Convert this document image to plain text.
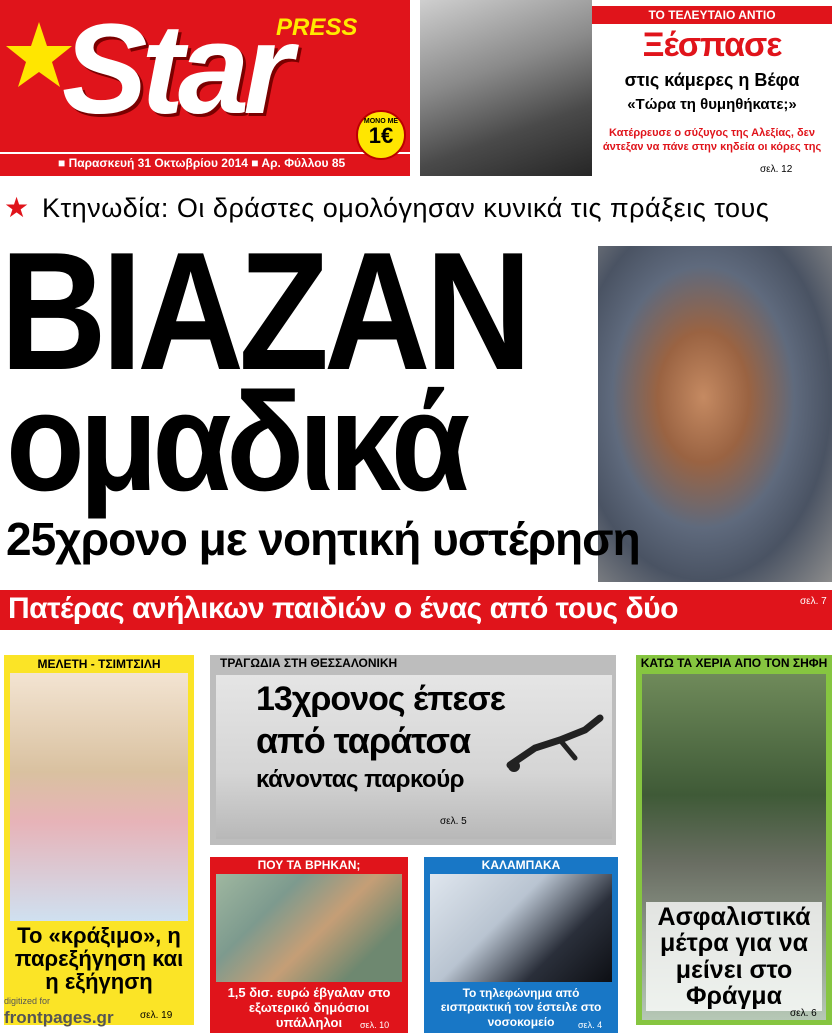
Star
PRESS
■ Παρασκευή 31 Οκτωβρίου 2014 ■ Αρ. Φύλλου 85
ΜΟΝΟ ΜΕ
1€
ΤΟ ΤΕΛΕΥΤΑΙΟ ΑΝΤΙΟ
Ξέσπασε
στις κάμερες η Βέφα
«Τώρα τη θυμηθήκατε;»
Κατέρρευσε ο σύζυγος της Αλεξίας, δεν άντεξαν να πάνε στην κηδεία οι κόρες της
σελ. 12
★ Κτηνωδία: Οι δράστες ομολόγησαν κυνικά τις πράξεις τους
ΒΙΑΖΑΝ
ομαδικά
25χρονο με νοητική υστέρηση
Πατέρας ανήλικων παιδιών ο ένας από τους δύο	σελ. 7
ΜΕΛΕΤΗ - ΤΣΙΜΤΣΙΛΗ
Το «κράξιμο», η παρεξήγηση και η εξήγηση
σελ. 19
ΤΡΑΓΩΔΙΑ ΣΤΗ ΘΕΣΣΑΛΟΝΙΚΗ
13χρονος έπεσε
από ταράτσα
κάνοντας παρκούρ
σελ. 5
ΠΟΥ ΤΑ ΒΡΗΚΑΝ;
1,5 δισ. ευρώ έβγαλαν στο εξωτερικό δημόσιοι υπάλληλοι	σελ. 10
ΚΑΛΑΜΠΑΚΑ
Το τηλεφώνημα από εισπρακτική τον έστειλε στο νοσοκομείο	σελ. 4
ΚΑΤΩ ΤΑ ΧΕΡΙΑ ΑΠΟ ΤΟΝ ΣΗΦΗ
Ασφαλιστικά μέτρα για να μείνει στο Φράγμα
σελ. 6
digitized for
frontpages.gr
